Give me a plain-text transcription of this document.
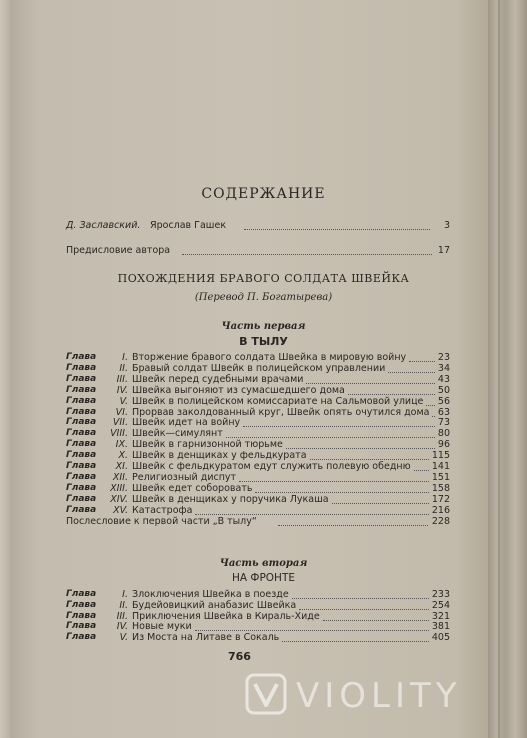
СОДЕРЖАНИЕ
Д. Заславский. Ярослав Гашек	3
Предисловие автора	17
ПОХОЖДЕНИЯ БРАВОГО СОЛДАТА ШВЕЙКА
(Перевод П. Богатырева)
Часть первая
В ТЫЛУ
Глава	I. Вторжение бравого солдата Швейка в мировую войну	23
Глава	II. Бравый солдат Швейк в полицейском управлении	34
Глава	III. Швейк перед судебными врачами	43
Глава	IV. Швейка выгоняют из сумасшедшего дома	50
Глава	V. Швейк в полицейском комиссариате на Сальмовой улице 56
Глава	VI. Прорвав заколдованный круг, Швейк опять очутился дома 63
Глава	VII. Швейк идет на войну	73
Глава	VIII. Швейк—симулянт	80
Глава	IX. Швейк в гарнизонной тюрьме	96
Глава	X. Швейк в денщиках у фельдкурата	115
Глава	XI. Швейк с фельдкуратом едут служить полевую обедню 141
Глава	XII. Религиозный диспут	151
Глава	XIII. Швейк едет соборовать	158
Глава	XIV. Швейк в денщиках у поручика Лукаша	172
Глава	XV. Катастрофа	216
Послесловие к первой части „В тылу“	228
Часть вторая
НА ФРОНТЕ
Глава	I. Злоключения Швейка в поезде	233
Глава	II. Будейовицкий анабазис Швейка	254
Глава	III. Приключения Швейка в Кираль-Хиде	321
Глава	IV. Новые муки	381
Глава	V. Из Моста на Литаве в Сокаль	405
766
VIOLITY
